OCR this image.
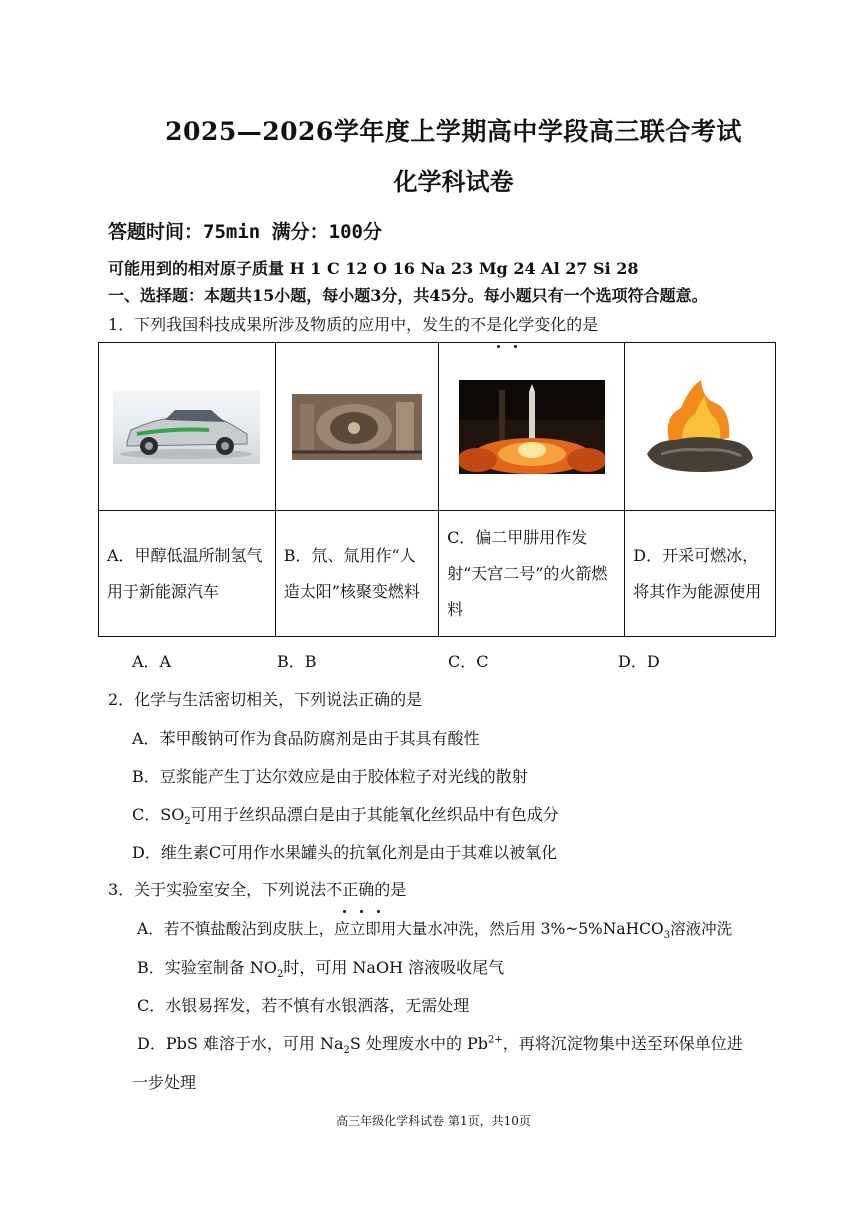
2025—2026学年度上学期高中学段高三联合考试
化学科试卷
答题时间：75min 满分：100分
可能用到的相对原子质量 H 1 C 12 O 16 Na 23 Mg 24 Al 27 Si 28
一、选择题：本题共15小题，每小题3分，共45分。每小题只有一个选项符合题意。
1．下列我国科技成果所涉及物质的应用中，发生的不是化学变化的是

A．甲醇低温所制氢气用于新能源汽车	B．氘、氚用作“人造太阳”核聚变燃料	C．偏二甲肼用作发射“天宫二号”的火箭燃料	D．开采可燃冰，将其作为能源使用
A．A	B．B	C．C	D．D
2．化学与生活密切相关，下列说法正确的是
A．苯甲酸钠可作为食品防腐剂是由于其具有酸性
B．豆浆能产生丁达尔效应是由于胶体粒子对光线的散射
C．$SO_2$可用于丝织品漂白是由于其能氧化丝织品中有色成分
D．维生素C可用作水果罐头的抗氧化剂是由于其难以被氧化
3．关于实验室安全，下列说法不正确的是
A．若不慎盐酸沾到皮肤上，应立即用大量水冲洗，然后用 3%~5%NaHCO$_3$溶液冲洗
B．实验室制备 $NO_2$时，可用 NaOH 溶液吸收尾气
C．水银易挥发，若不慎有水银洒落，无需处理
D．PbS 难溶于水，可用 $Na_2S$ 处理废水中的 $Pb^{2+}$，再将沉淀物集中送至环保单位进
一步处理
高三年级化学科试卷 第1页，共10页
